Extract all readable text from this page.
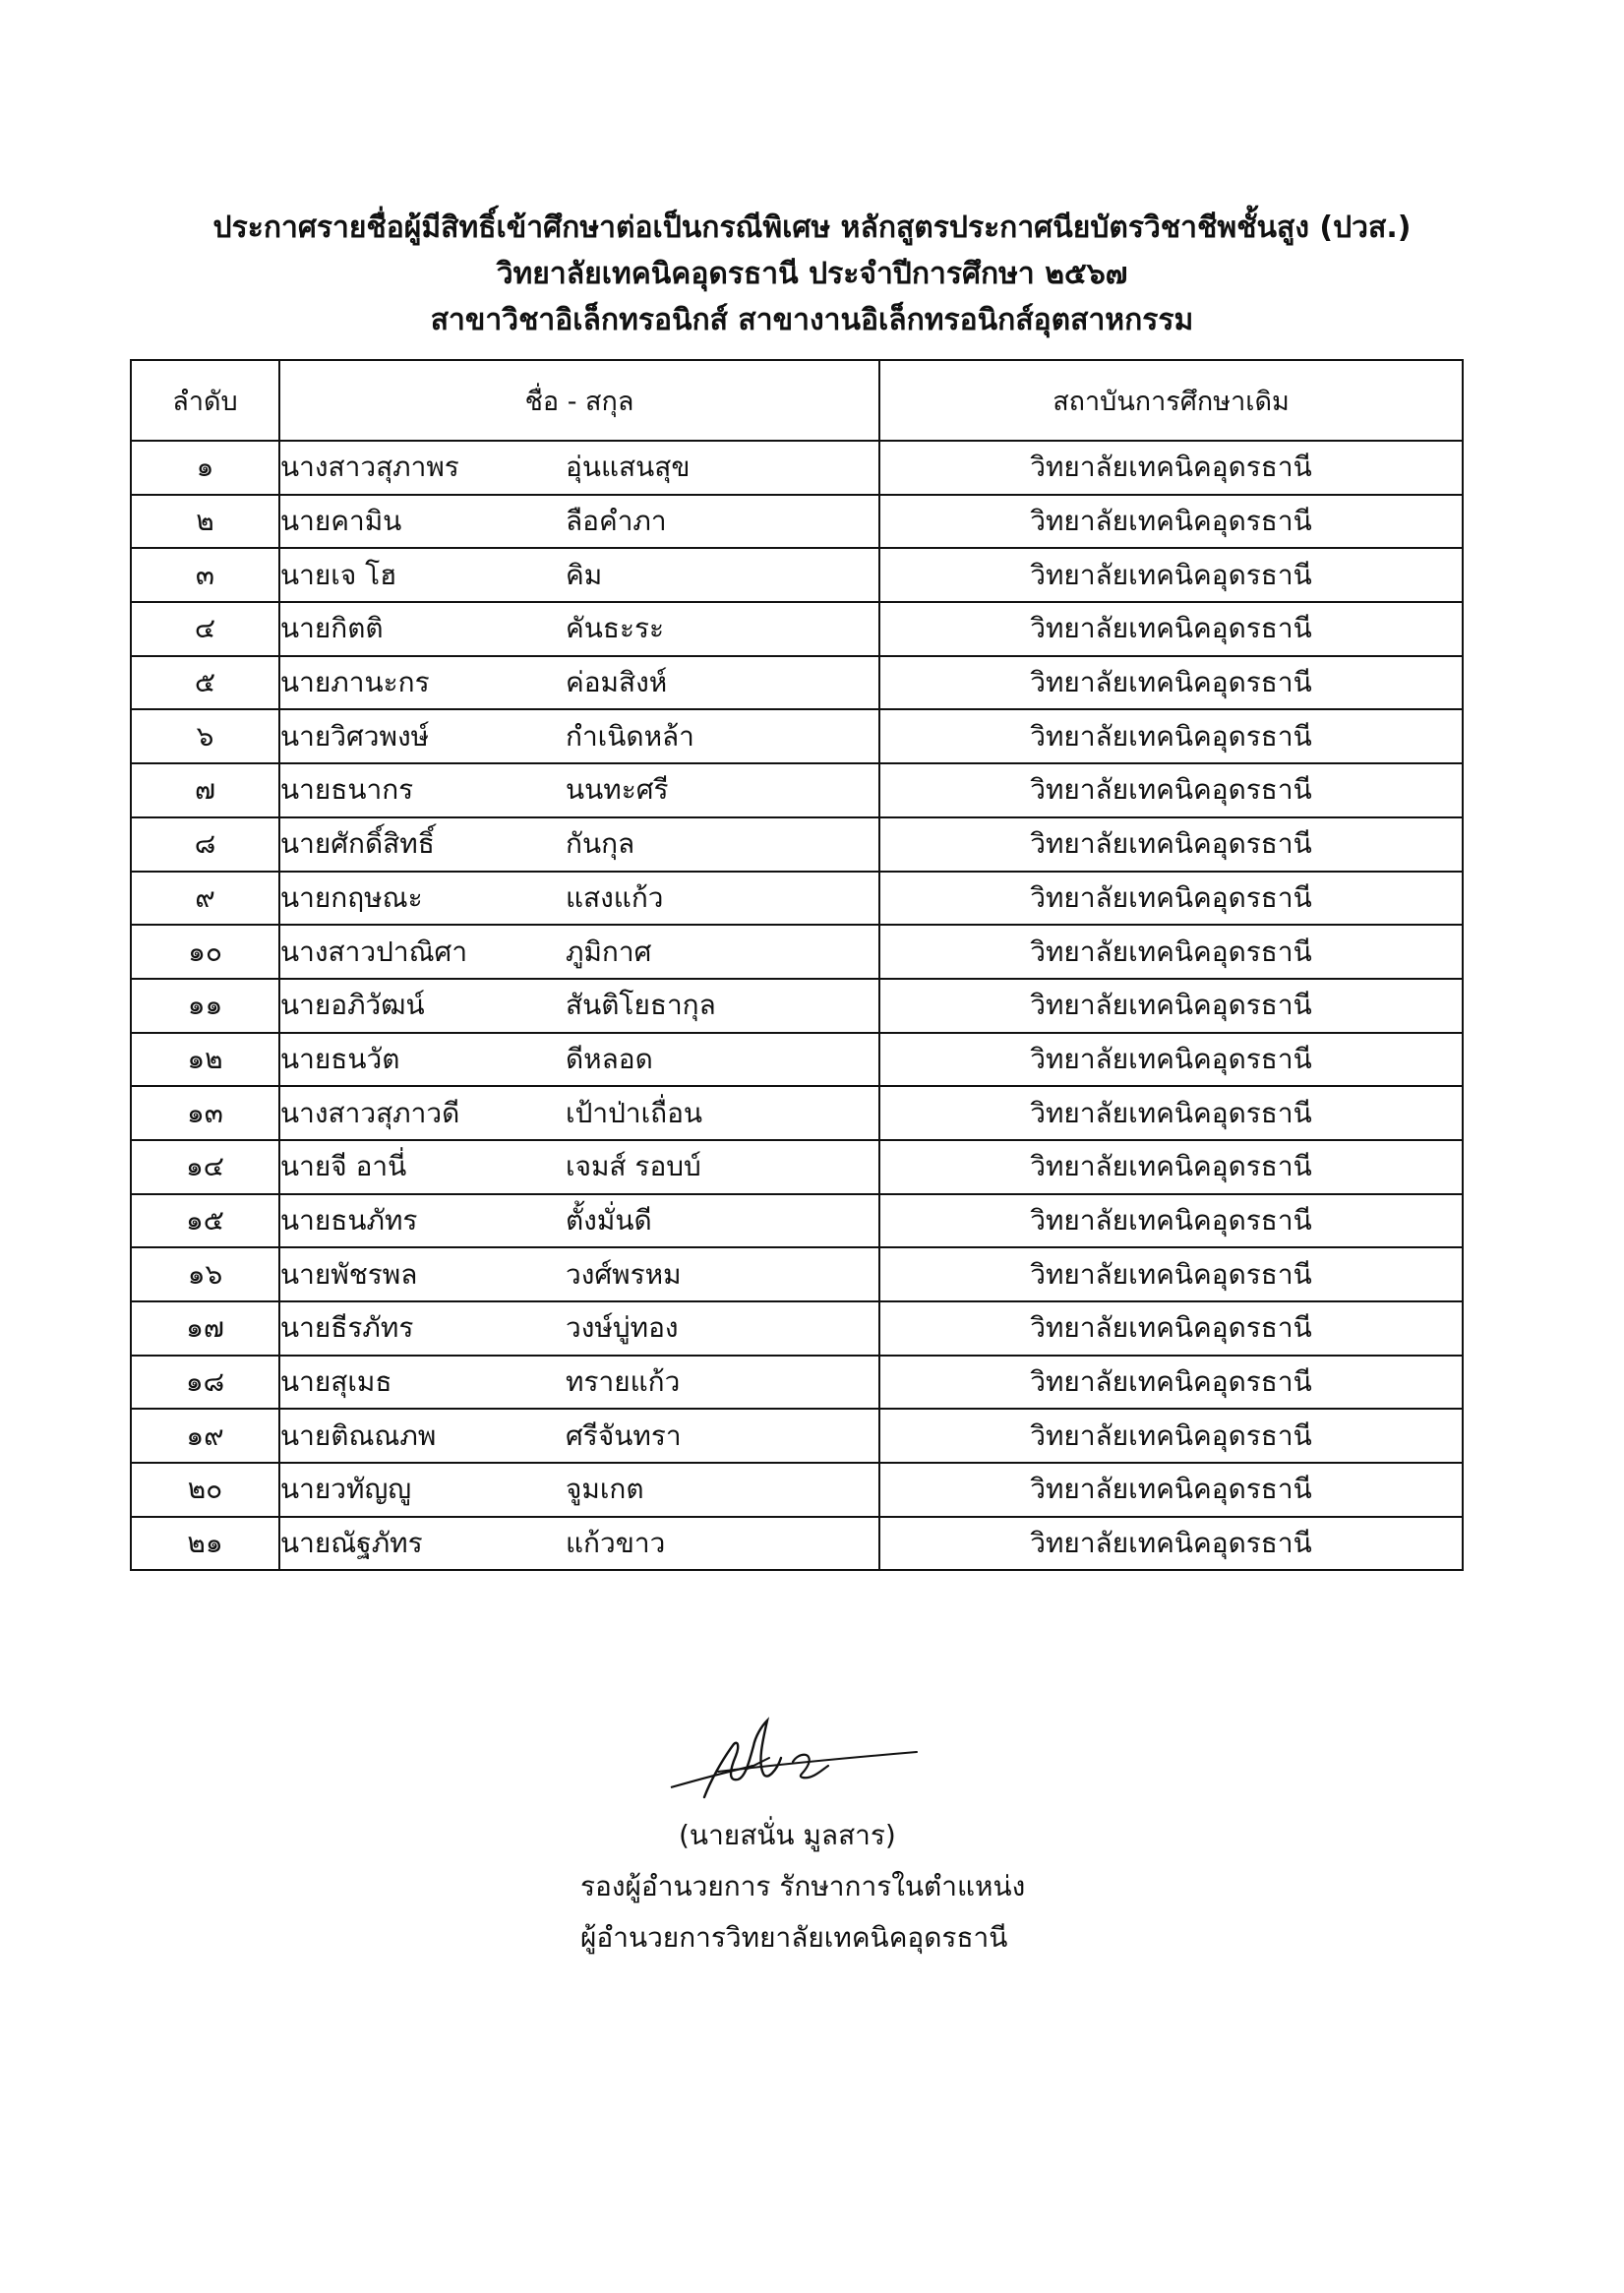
ประกาศรายชื่อผู้มีสิทธิ์เข้าศึกษาต่อเป็นกรณีพิเศษ หลักสูตรประกาศนียบัตรวิชาชีพชั้นสูง (ปวส.)
วิทยาลัยเทคนิคอุดรธานี ประจำปีการศึกษา ๒๕๖๗
สาขาวิชาอิเล็กทรอนิกส์ สาขางานอิเล็กทรอนิกส์อุตสาหกรรม
ลำดับ	ชื่อ - สกุล	สถาบันการศึกษาเดิม
๑	นางสาวสุภาพร อุ่นแสนสุข	วิทยาลัยเทคนิคอุดรธานี
๒	นายคามิน ลือคำภา	วิทยาลัยเทคนิคอุดรธานี
๓	นายเจ โฮ คิม	วิทยาลัยเทคนิคอุดรธานี
๔	นายกิตติ คันธะระ	วิทยาลัยเทคนิคอุดรธานี
๕	นายภานะกร ค่อมสิงห์	วิทยาลัยเทคนิคอุดรธานี
๖	นายวิศวพงษ์ กำเนิดหล้า	วิทยาลัยเทคนิคอุดรธานี
๗	นายธนากร นนทะศรี	วิทยาลัยเทคนิคอุดรธานี
๘	นายศักดิ์สิทธิ์ กันกุล	วิทยาลัยเทคนิคอุดรธานี
๙	นายกฤษณะ แสงแก้ว	วิทยาลัยเทคนิคอุดรธานี
๑๐	นางสาวปาณิศา ภูมิกาศ	วิทยาลัยเทคนิคอุดรธานี
๑๑	นายอภิวัฒน์ สันติโยธากุล	วิทยาลัยเทคนิคอุดรธานี
๑๒	นายธนวัต ดีหลอด	วิทยาลัยเทคนิคอุดรธานี
๑๓	นางสาวสุภาวดี เป้าป่าเถื่อน	วิทยาลัยเทคนิคอุดรธานี
๑๔	นายจี อานี่ เจมส์ รอบบ์	วิทยาลัยเทคนิคอุดรธานี
๑๕	นายธนภัทร ตั้งมั่นดี	วิทยาลัยเทคนิคอุดรธานี
๑๖	นายพัชรพล วงศ์พรหม	วิทยาลัยเทคนิคอุดรธานี
๑๗	นายธีรภัทร วงษ์บู่ทอง	วิทยาลัยเทคนิคอุดรธานี
๑๘	นายสุเมธ ทรายแก้ว	วิทยาลัยเทคนิคอุดรธานี
๑๙	นายติณณภพ ศรีจันทรา	วิทยาลัยเทคนิคอุดรธานี
๒๐	นายวทัญญู จูมเกต	วิทยาลัยเทคนิคอุดรธานี
๒๑	นายณัฐภัทร แก้วขาว	วิทยาลัยเทคนิคอุดรธานี
(นายสนั่น มูลสาร)
รองผู้อำนวยการ รักษาการในตำแหน่ง
ผู้อำนวยการวิทยาลัยเทคนิคอุดรธานี
